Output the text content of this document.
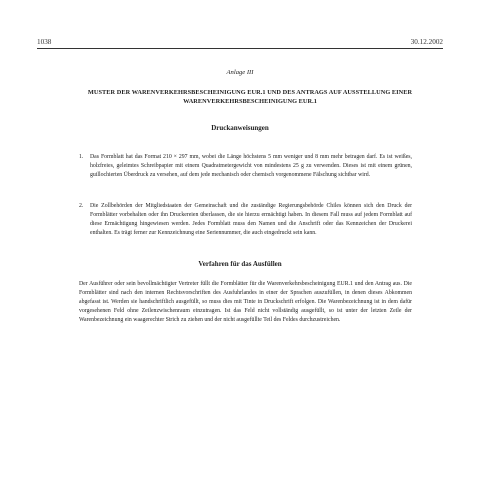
1038	30.12.2002
Anlage III
MUSTER DER WARENVERKEHRSBESCHEINIGUNG EUR.1 UND DES ANTRAGS AUF AUSSTELLUNG EINER WARENVERKEHRSBESCHEINIGUNG EUR.1
Druckanweisungen
1.	Das Formblatt hat das Format 210 × 297 mm, wobei die Länge höchstens 5 mm weniger und 8 mm mehr betragen darf. Es ist weißes, holzfreies, geleimtes Schreibpapier mit einem Quadratmetergewicht von mindestens 25 g zu verwenden. Dieses ist mit einem grünen, guillochierten Überdruck zu versehen, auf dem jede mechanisch oder chemisch vorgenommene Fälschung sichtbar wird.
2.	Die Zollbehörden der Mitgliedstaaten der Gemeinschaft und die zuständige Regierungsbehörde Chiles können sich den Druck der Formblätter vorbehalten oder ihn Druckereien überlassen, die sie hierzu ermächtigt haben. In diesem Fall muss auf jedem Formblatt auf diese Ermächtigung hingewiesen werden. Jedes Formblatt muss den Namen und die Anschrift oder das Kennzeichen der Druckerei enthalten. Es trägt ferner zur Kennzeichnung eine Seriennummer, die auch eingedruckt sein kann.
Verfahren für das Ausfüllen
Der Ausführer oder sein bevollmächtigter Vertreter füllt die Formblätter für die Warenverkehrsbescheinigung EUR.1 und den Antrag aus. Die Formblätter sind nach den internen Rechtsvorschriften des Ausfuhrlandes in einer der Sprachen auszufüllen, in denen dieses Abkommen abgefasst ist. Werden sie handschriftlich ausgefüllt, so muss dies mit Tinte in Druckschrift erfolgen. Die Warenbezeichnung ist in dem dafür vorgesehenen Feld ohne Zeilenzwischenraum einzutragen. Ist das Feld nicht vollständig ausgefüllt, so ist unter der letzten Zeile der Warenbezeichnung ein waagerechter Strich zu ziehen und der nicht ausgefüllte Teil des Feldes durchzustreichen.
